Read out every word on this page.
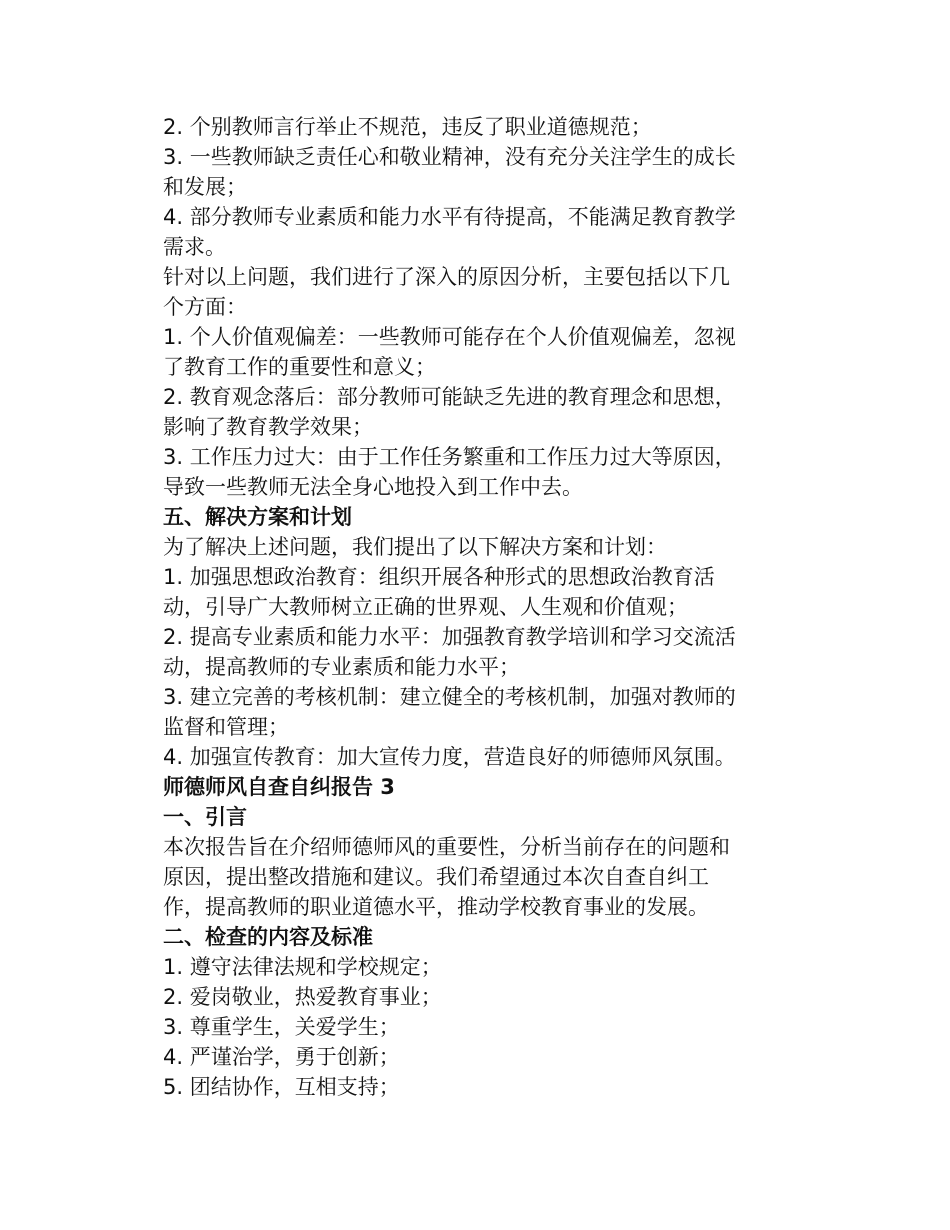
2. 个别教师言行举止不规范，违反了职业道德规范；

3. 一些教师缺乏责任心和敬业精神，没有充分关注学生的成长

和发展；

4. 部分教师专业素质和能力水平有待提高，不能满足教育教学

需求。

针对以上问题，我们进行了深入的原因分析，主要包括以下几

个方面：

1. 个人价值观偏差：一些教师可能存在个人价值观偏差，忽视

了教育工作的重要性和意义；

2. 教育观念落后：部分教师可能缺乏先进的教育理念和思想，

影响了教育教学效果；

3. 工作压力过大：由于工作任务繁重和工作压力过大等原因，

导致一些教师无法全身心地投入到工作中去。

五、解决方案和计划

为了解决上述问题，我们提出了以下解决方案和计划：

1. 加强思想政治教育：组织开展各种形式的思想政治教育活

动，引导广大教师树立正确的世界观、人生观和价值观；

2. 提高专业素质和能力水平：加强教育教学培训和学习交流活

动，提高教师的专业素质和能力水平；

3. 建立完善的考核机制：建立健全的考核机制，加强对教师的

监督和管理；

4. 加强宣传教育：加大宣传力度，营造良好的师德师风氛围。

师德师风自查自纠报告 3

一、引言

本次报告旨在介绍师德师风的重要性，分析当前存在的问题和

原因，提出整改措施和建议。我们希望通过本次自查自纠工

作，提高教师的职业道德水平，推动学校教育事业的发展。

二、检查的内容及标准

1. 遵守法律法规和学校规定；

2. 爱岗敬业，热爱教育事业；

3. 尊重学生，关爱学生；

4. 严谨治学，勇于创新；

5. 团结协作，互相支持；
